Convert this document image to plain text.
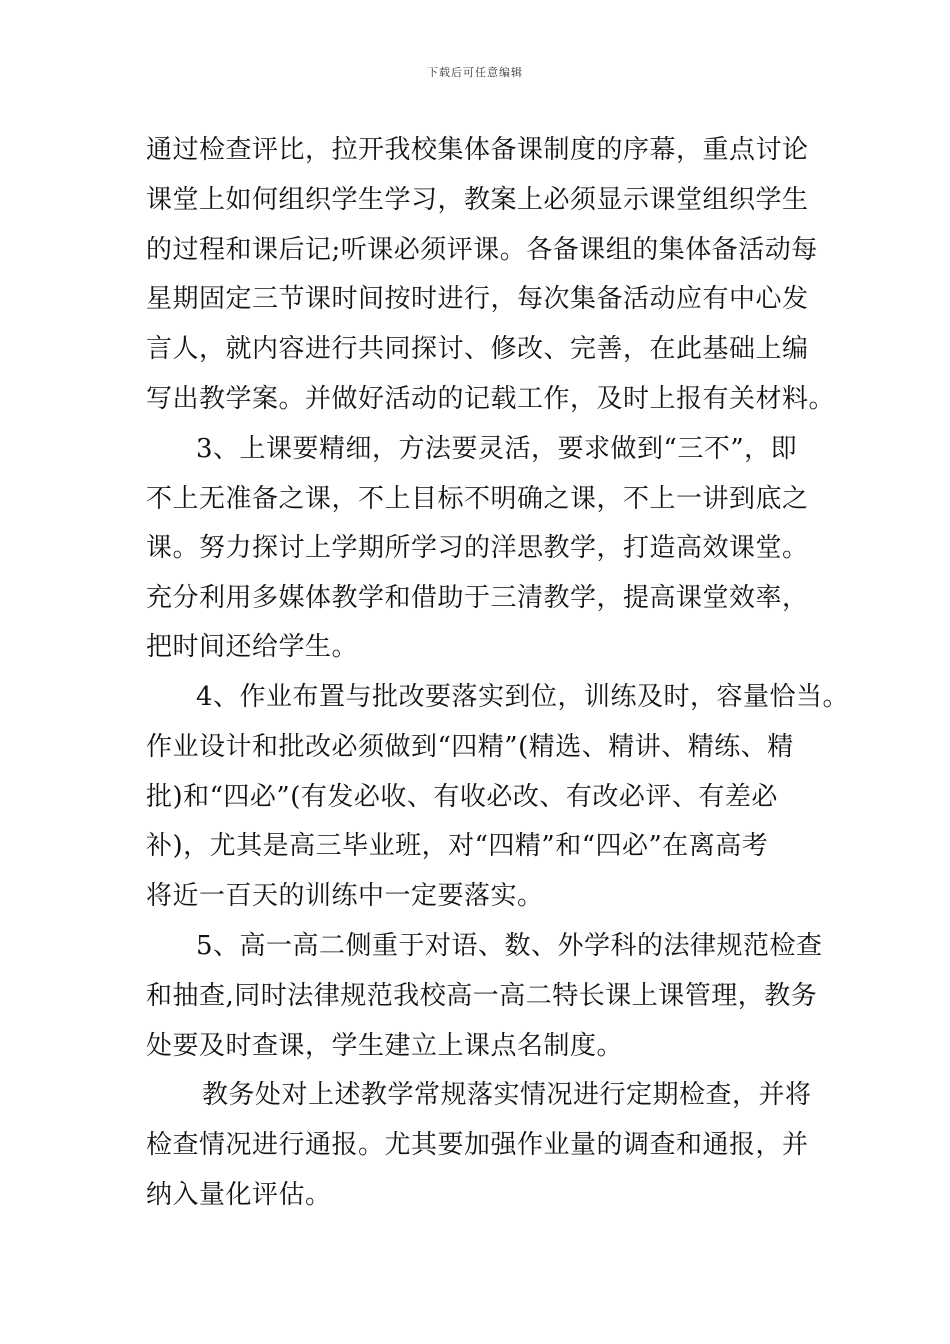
下载后可任意编辑
通过检查评比，拉开我校集体备课制度的序幕，重点讨论
课堂上如何组织学生学习，教案上必须显示课堂组织学生
的过程和课后记;听课必须评课。各备课组的集体备活动每
星期固定三节课时间按时进行，每次集备活动应有中心发
言人，就内容进行共同探讨、修改、完善，在此基础上编
写出教学案。并做好活动的记载工作，及时上报有关材料。
3、上课要精细，方法要灵活，要求做到“三不”，即
不上无准备之课，不上目标不明确之课，不上一讲到底之
课。努力探讨上学期所学习的洋思教学，打造高效课堂。
充分利用多媒体教学和借助于三清教学，提高课堂效率，
把时间还给学生。
4、作业布置与批改要落实到位，训练及时，容量恰当。
作业设计和批改必须做到“四精”(精选、精讲、精练、精
批)和“四必”(有发必收、有收必改、有改必评、有差必
补)，尤其是高三毕业班，对“四精”和“四必”在离高考
将近一百天的训练中一定要落实。
5、高一高二侧重于对语、数、外学科的法律规范检查
和抽查,同时法律规范我校高一高二特长课上课管理，教务
处要及时查课，学生建立上课点名制度。
教务处对上述教学常规落实情况进行定期检查，并将
检查情况进行通报。尤其要加强作业量的调查和通报，并
纳入量化评估。
